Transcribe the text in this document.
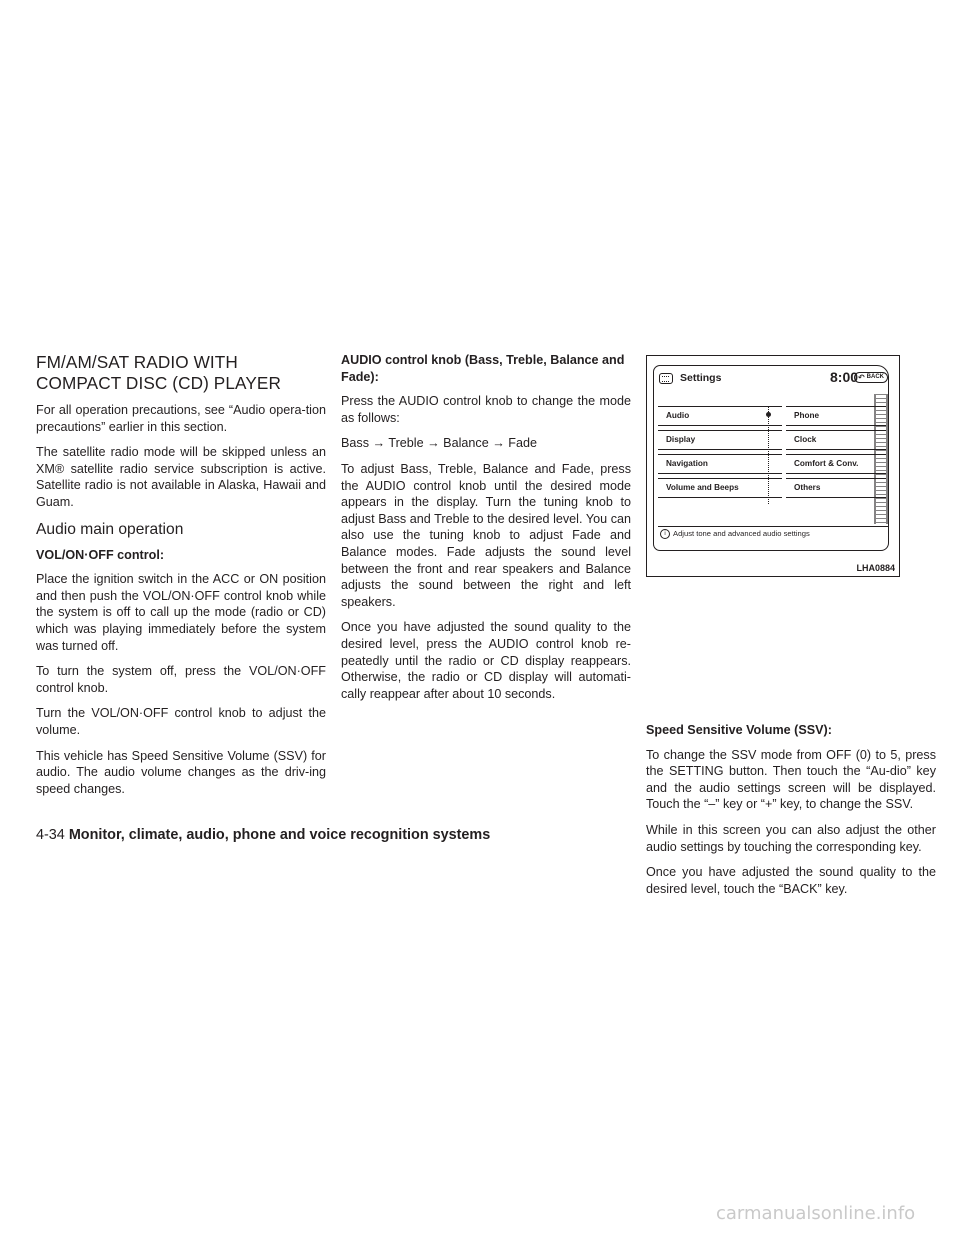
FM/AM/SAT RADIO WITH
COMPACT DISC (CD) PLAYER

For all operation precautions, see “Audio opera-tion precautions” earlier in this section.

The satellite radio mode will be skipped unless an XM® satellite radio service subscription is active. Satellite radio is not available in Alaska, Hawaii and Guam.

Audio main operation
VOL/ON·OFF control:

Place the ignition switch in the ACC or ON position and then push the VOL/ON·OFF control knob while the system is off to call up the mode (radio or CD) which was playing immediately before the system was turned off.

To turn the system off, press the VOL/ON·OFF control knob.

Turn the VOL/ON·OFF control knob to adjust the volume.

This vehicle has Speed Sensitive Volume (SSV) for audio. The audio volume changes as the driv-ing speed changes.

AUDIO control knob (Bass, Treble, Balance and Fade):

Press the AUDIO control knob to change the mode as follows:

Bass → Treble → Balance → Fade

To adjust Bass, Treble, Balance and Fade, press the AUDIO control knob until the desired mode appears in the display. Turn the tuning knob to adjust Bass and Treble to the desired level. You can also use the tuning knob to adjust Fade and Balance modes. Fade adjusts the sound level between the front and rear speakers and Balance adjusts the sound between the right and left speakers.

Once you have adjusted the sound quality to the desired level, press the AUDIO control knob re-peatedly until the radio or CD display reappears. Otherwise, the radio or CD display will automati-cally reappear after about 10 seconds.

Settings	8:00 ↶ BACK
Audio
Display
Navigation
Volume and Beeps
Phone
Clock
Comfort & Conv.
Others
i Adjust tone and advanced audio settings
LHA0884
Speed Sensitive Volume (SSV):

To change the SSV mode from OFF (0) to 5, press the SETTING button. Then touch the “Au-dio” key and the audio settings screen will be displayed. Touch the “–” key or “+” key, to change the SSV.

While in this screen you can also adjust the other audio settings by touching the corresponding key.

Once you have adjusted the sound quality to the desired level, touch the “BACK” key.

4-34 Monitor, climate, audio, phone and voice recognition systems
carmanualsonline.info
